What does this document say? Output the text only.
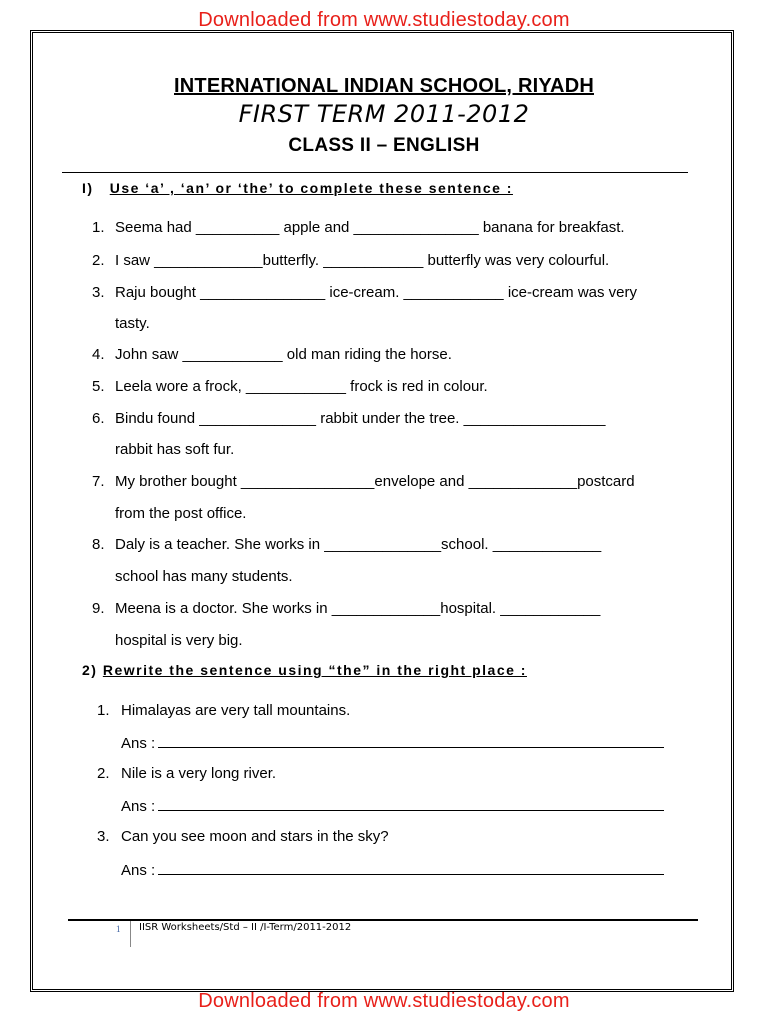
Downloaded from www.studiestoday.com
INTERNATIONAL INDIAN SCHOOL, RIYADH
FIRST TERM 2011-2012
CLASS II – ENGLISH
I) Use ‘a’ , ‘an’ or ‘the’ to complete these sentence :
1. Seema had __________ apple and _______________ banana for breakfast.
2. I saw _____________butterfly. ____________ butterfly was very colourful.
3. Raju bought _______________ ice-cream. ____________ ice-cream was very
tasty.
4. John saw ____________ old man riding the horse.
5. Leela wore a frock, ____________ frock is red in colour.
6. Bindu found ______________ rabbit under the tree. _________________
rabbit has soft fur.
7. My brother bought ________________envelope and _____________postcard
from the post office.
8. Daly is a teacher. She works in ______________school. _____________
school has many students.
9. Meena is a doctor. She works in _____________hospital. ____________
hospital is very big.
2) Rewrite the sentence using “the” in the right place :
1. Himalayas are very tall mountains.
Ans :
2. Nile is a very long river.
Ans :
3. Can you see moon and stars in the sky?
Ans :
1 IISR Worksheets/Std – II /I-Term/2011-2012
Downloaded from www.studiestoday.com
